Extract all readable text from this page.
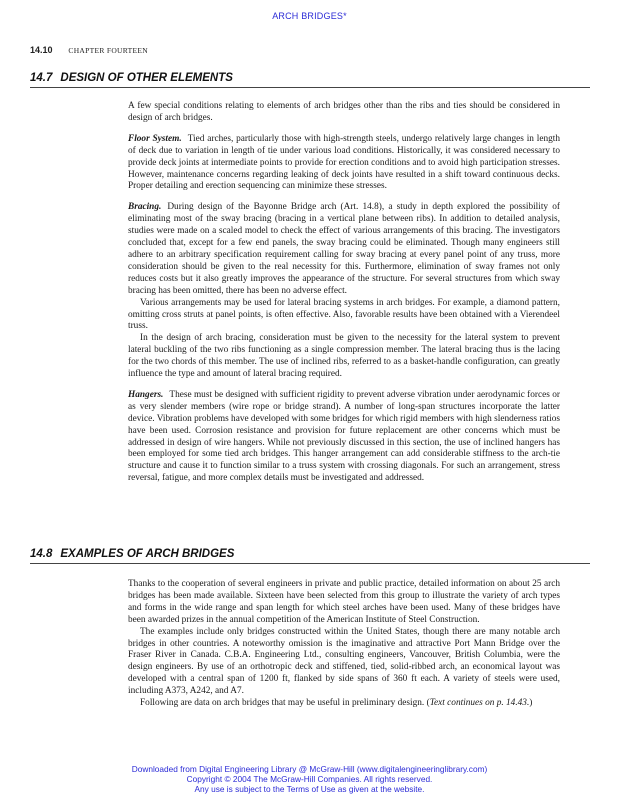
ARCH BRIDGES*
14.10 CHAPTER FOURTEEN
14.7 DESIGN OF OTHER ELEMENTS

A few special conditions relating to elements of arch bridges other than the ribs and ties should be considered in design of arch bridges.

Floor System. Tied arches, particularly those with high-strength steels, undergo relatively large changes in length of deck due to variation in length of tie under various load conditions. Historically, it was considered necessary to provide deck joints at intermediate points to provide for erection conditions and to avoid high participation stresses. However, maintenance concerns regarding leaking of deck joints have resulted in a shift toward continuous decks. Proper detailing and erection sequencing can minimize these stresses.

Bracing. During design of the Bayonne Bridge arch (Art. 14.8), a study in depth explored the possibility of eliminating most of the sway bracing (bracing in a vertical plane between ribs). In addition to detailed analysis, studies were made on a scaled model to check the effect of various arrangements of this bracing. The investigators concluded that, except for a few end panels, the sway bracing could be eliminated. Though many engineers still adhere to an arbitrary specification requirement calling for sway bracing at every panel point of any truss, more consideration should be given to the real necessity for this. Furthermore, elimination of sway frames not only reduces costs but it also greatly improves the appearance of the structure. For several structures from which sway bracing has been omitted, there has been no adverse effect.

Various arrangements may be used for lateral bracing systems in arch bridges. For example, a diamond pattern, omitting cross struts at panel points, is often effective. Also, favorable results have been obtained with a Vierendeel truss.

In the design of arch bracing, consideration must be given to the necessity for the lateral system to prevent lateral buckling of the two ribs functioning as a single compression member. The lateral bracing thus is the lacing for the two chords of this member. The use of inclined ribs, referred to as a basket-handle configuration, can greatly influence the type and amount of lateral bracing required.

Hangers. These must be designed with sufficient rigidity to prevent adverse vibration under aerodynamic forces or as very slender members (wire rope or bridge strand). A number of long-span structures incorporate the latter device. Vibration problems have developed with some bridges for which rigid members with high slenderness ratios have been used. Corrosion resistance and provision for future replacement are other concerns which must be addressed in design of wire hangers. While not previously discussed in this section, the use of inclined hangers has been employed for some tied arch bridges. This hanger arrangement can add considerable stiffness to the arch-tie structure and cause it to function similar to a truss system with crossing diagonals. For such an arrangement, stress reversal, fatigue, and more complex details must be investigated and addressed.

14.8 EXAMPLES OF ARCH BRIDGES

Thanks to the cooperation of several engineers in private and public practice, detailed information on about 25 arch bridges has been made available. Sixteen have been selected from this group to illustrate the variety of arch types and forms in the wide range and span length for which steel arches have been used. Many of these bridges have been awarded prizes in the annual competition of the American Institute of Steel Construction.

The examples include only bridges constructed within the United States, though there are many notable arch bridges in other countries. A noteworthy omission is the imaginative and attractive Port Mann Bridge over the Fraser River in Canada. C.B.A. Engineering Ltd., consulting engineers, Vancouver, British Columbia, were the design engineers. By use of an orthotropic deck and stiffened, tied, solid-ribbed arch, an economical layout was developed with a central span of 1200 ft, flanked by side spans of 360 ft each. A variety of steels were used, including A373, A242, and A7.

Following are data on arch bridges that may be useful in preliminary design. (Text continues on p. 14.43.)

Downloaded from Digital Engineering Library @ McGraw-Hill (www.digitalengineeringlibrary.com)
Copyright © 2004 The McGraw-Hill Companies. All rights reserved.
Any use is subject to the Terms of Use as given at the website.
